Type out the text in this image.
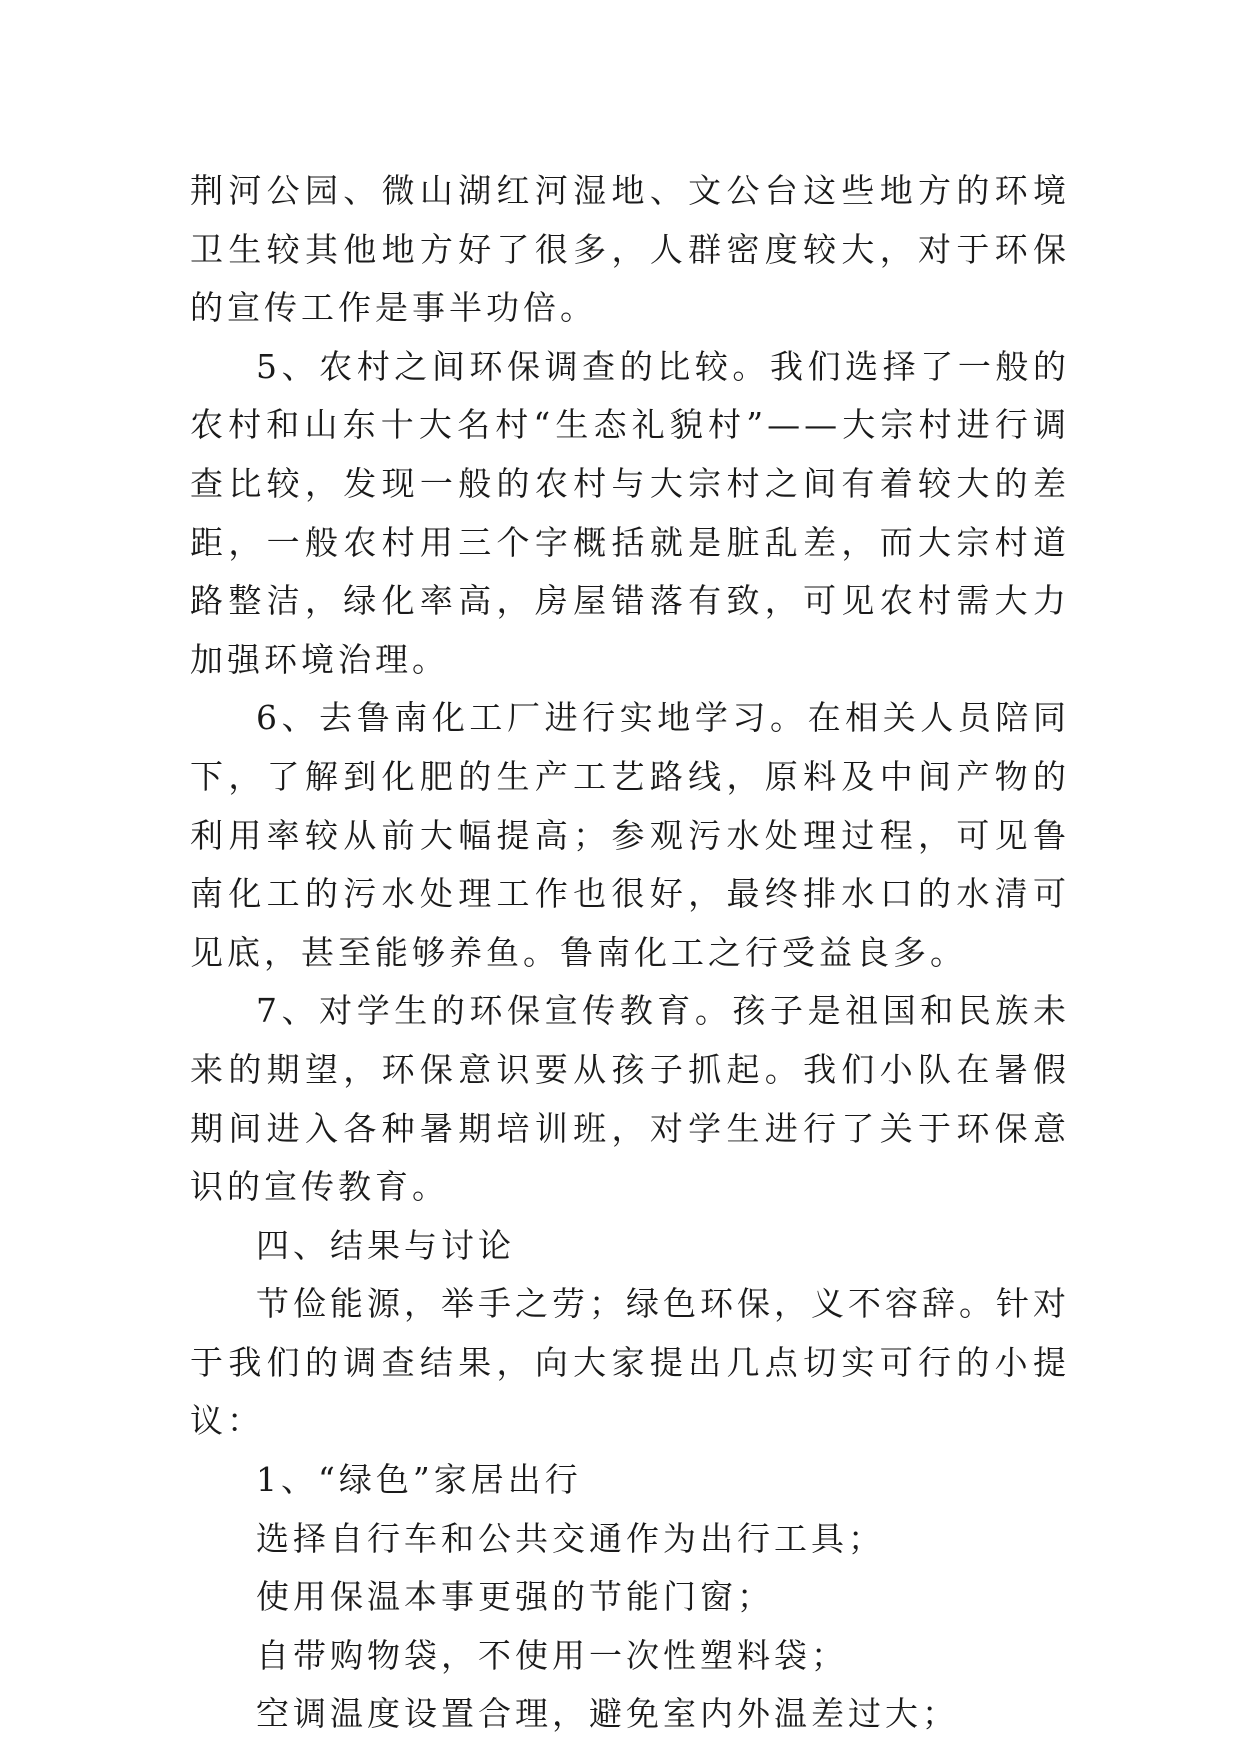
荆河公园、微山湖红河湿地、文公台这些地方的环境卫生较其他地方好了很多，人群密度较大，对于环保的宣传工作是事半功倍。

5、农村之间环保调查的比较。我们选择了一般的农村和山东十大名村“生态礼貌村”——大宗村进行调查比较，发现一般的农村与大宗村之间有着较大的差距，一般农村用三个字概括就是脏乱差，而大宗村道路整洁，绿化率高，房屋错落有致，可见农村需大力加强环境治理。

6、去鲁南化工厂进行实地学习。在相关人员陪同下，了解到化肥的生产工艺路线，原料及中间产物的利用率较从前大幅提高；参观污水处理过程，可见鲁南化工的污水处理工作也很好，最终排水口的水清可见底，甚至能够养鱼。鲁南化工之行受益良多。

7、对学生的环保宣传教育。孩子是祖国和民族未来的期望，环保意识要从孩子抓起。我们小队在暑假期间进入各种暑期培训班，对学生进行了关于环保意识的宣传教育。

四、结果与讨论

节俭能源，举手之劳；绿色环保，义不容辞。针对于我们的调查结果，向大家提出几点切实可行的小提议：

1、“绿色”家居出行

选择自行车和公共交通作为出行工具；

使用保温本事更强的节能门窗；

自带购物袋，不使用一次性塑料袋；

空调温度设置合理，避免室内外温差过大；
